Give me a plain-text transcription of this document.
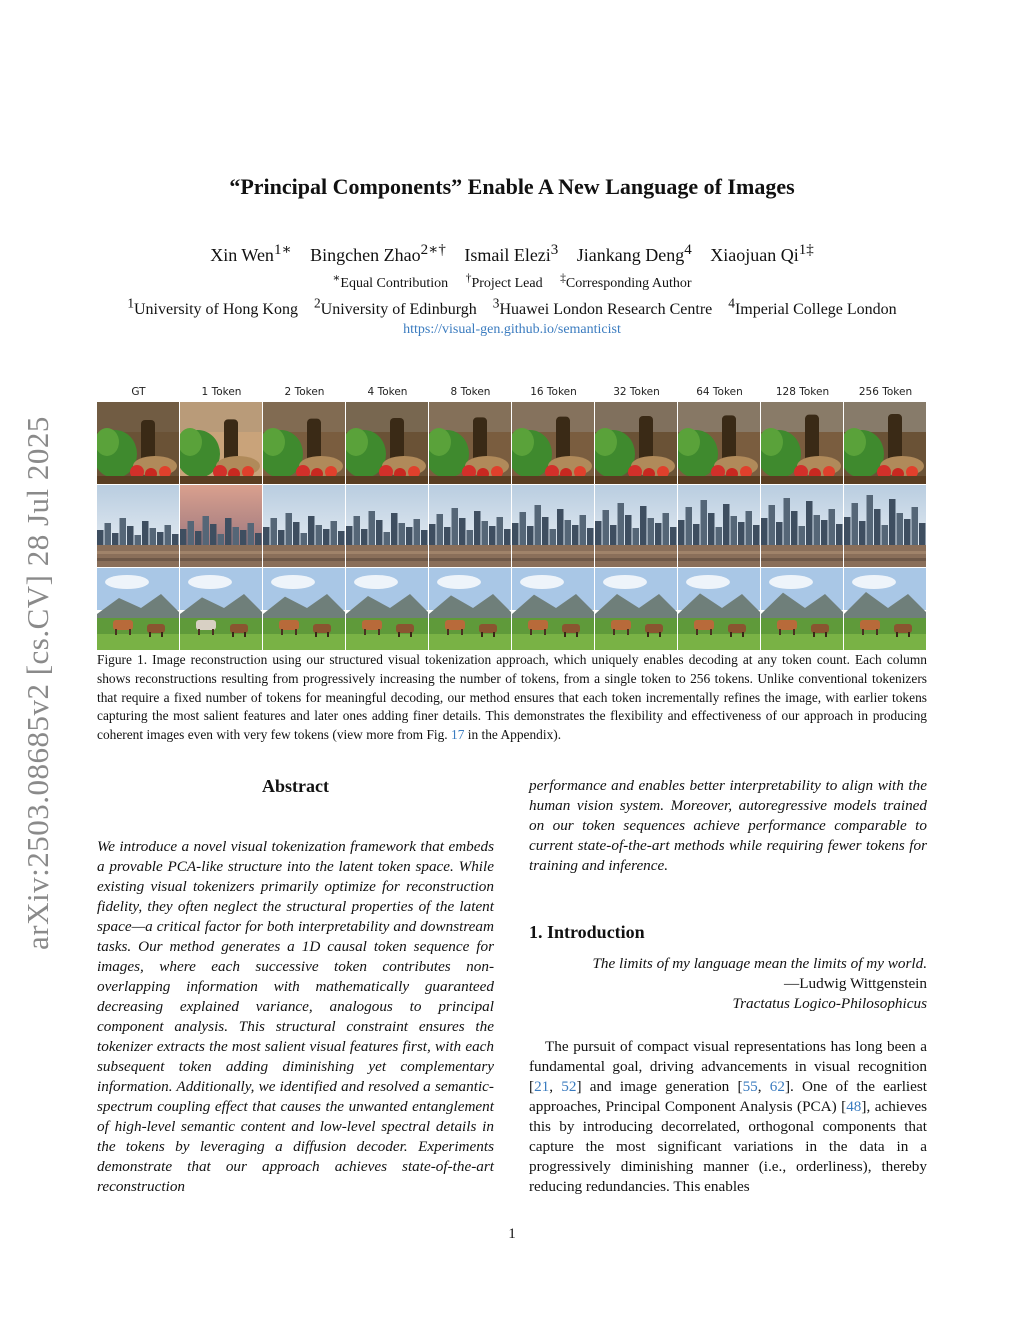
arXiv:2503.08685v2 [cs.CV] 28 Jul 2025
“Principal Components” Enable A New Language of Images
Xin Wen$^{1∗}$ Bingchen Zhao$^{2∗\dagger}$ Ismail Elezi$^3$ Jiankang Deng$^4$ Xiaojuan $Qi^{1\ddagger}$
∗Equal Contribution †Project Lead ‡Corresponding Author
$^1$University of Hong Kong $^2$University of Edinburgh $^3$Huawei London Research Centre $^4$Imperial College London
https://visual-gen.github.io/semanticist
GT	1 Token	2 Token	4 Token	8 Token	16 Token	32 Token	64 Token	128 Token	256 Token
Figure 1. Image reconstruction using our structured visual tokenization approach, which uniquely enables decoding at any token count. Each column shows reconstructions resulting from progressively increasing the number of tokens, from a single token to 256 tokens. Unlike conventional tokenizers that require a fixed number of tokens for meaningful decoding, our method ensures that each token incrementally refines the image, with earlier tokens capturing the most salient features and later ones adding finer details. This demonstrates the flexibility and effectiveness of our approach in producing coherent images even with very few tokens (view more from Fig. 17 in the Appendix).
Abstract

We introduce a novel visual tokenization framework that embeds a provable PCA-like structure into the latent token space. While existing visual tokenizers primarily optimize for reconstruction fidelity, they often neglect the structural properties of the latent space—a critical factor for both interpretability and downstream tasks. Our method generates a 1D causal token sequence for images, where each successive token contributes non-overlapping information with mathematically guaranteed decreasing explained variance, analogous to principal component analysis. This structural constraint ensures the tokenizer extracts the most salient visual features first, with each subsequent token adding diminishing yet complementary information. Additionally, we identified and resolved a semantic-spectrum coupling effect that causes the unwanted entanglement of high-level semantic content and low-level spectral details in the tokens by leveraging a diffusion decoder. Experiments demonstrate that our approach achieves state-of-the-art reconstruction

performance and enables better interpretability to align with the human vision system. Moreover, autoregressive models trained on our token sequences achieve performance comparable to current state-of-the-art methods while requiring fewer tokens for training and inference.

1. Introduction
The limits of my language mean the limits of my world.
—Ludwig Wittgenstein
Tractatus Logico-Philosophicus

The pursuit of compact visual representations has long been a fundamental goal, driving advancements in visual recognition [21, 52] and image generation [55, 62]. One of the earliest approaches, Principal Component Analysis (PCA) [48], achieves this by introducing decorrelated, orthogonal components that capture the most significant variations in the data in a progressively diminishing manner (i.e., orderliness), thereby reducing redundancies. This enables

1
